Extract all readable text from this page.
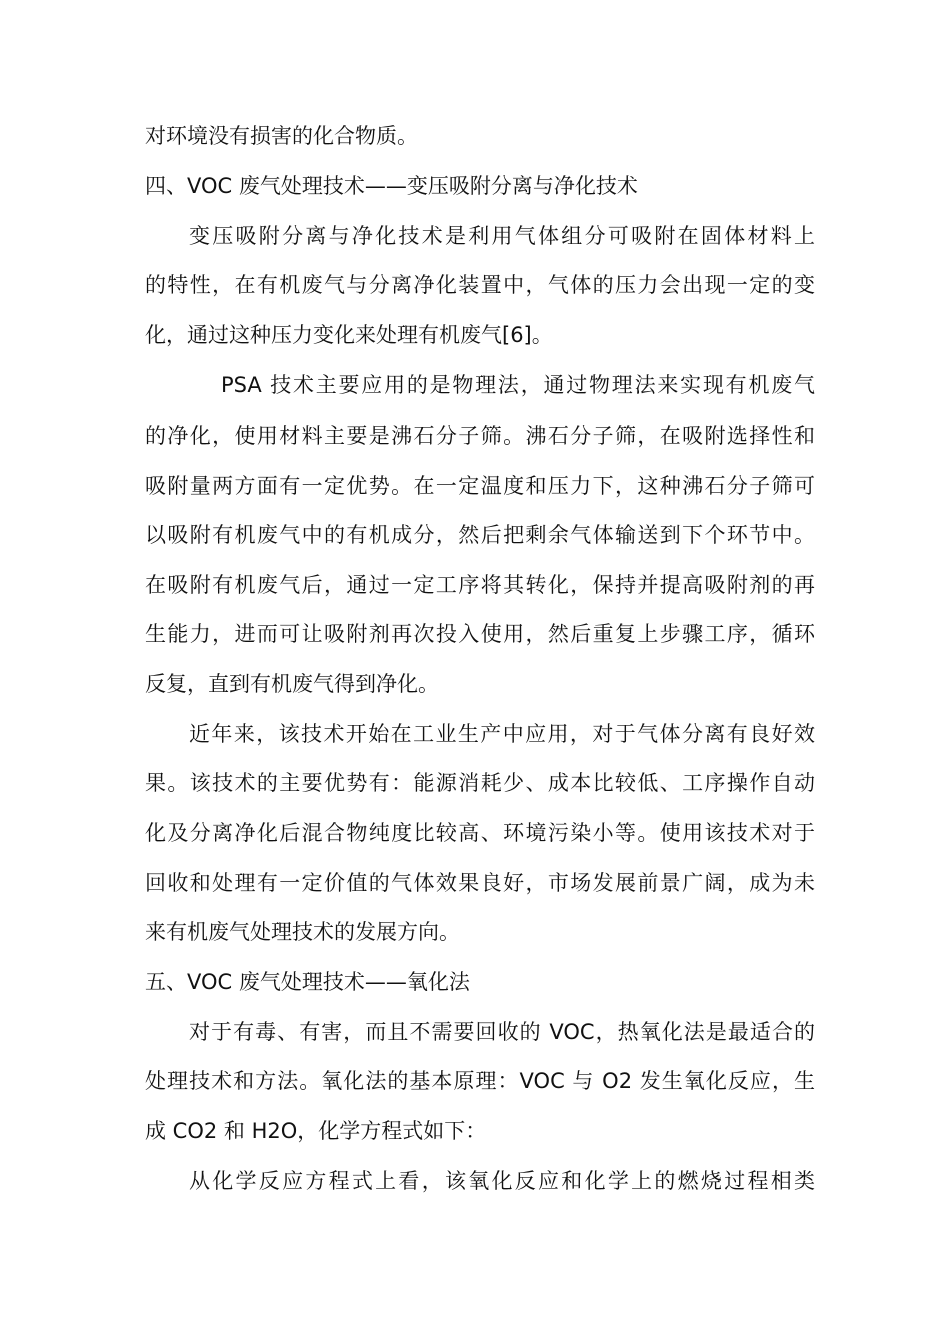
对环境没有损害的化合物质。
四、VOC 废气处理技术——变压吸附分离与净化技术
变压吸附分离与净化技术是利用气体组分可吸附在固体材料上
的特性，在有机废气与分离净化装置中，气体的压力会出现一定的变
化，通过这种压力变化来处理有机废气[6]。
PSA 技术主要应用的是物理法，通过物理法来实现有机废气
的净化，使用材料主要是沸石分子筛。沸石分子筛，在吸附选择性和
吸附量两方面有一定优势。在一定温度和压力下，这种沸石分子筛可
以吸附有机废气中的有机成分，然后把剩余气体输送到下个环节中。
在吸附有机废气后，通过一定工序将其转化，保持并提高吸附剂的再
生能力，进而可让吸附剂再次投入使用，然后重复上步骤工序，循环
反复，直到有机废气得到净化。
近年来，该技术开始在工业生产中应用，对于气体分离有良好效
果。该技术的主要优势有：能源消耗少、成本比较低、工序操作自动
化及分离净化后混合物纯度比较高、环境污染小等。使用该技术对于
回收和处理有一定价值的气体效果良好，市场发展前景广阔，成为未
来有机废气处理技术的发展方向。
五、VOC 废气处理技术——氧化法
对于有毒、有害，而且不需要回收的 VOC，热氧化法是最适合的
处理技术和方法。氧化法的基本原理：VOC 与 O2 发生氧化反应，生
成 CO2 和 H2O，化学方程式如下：
从化学反应方程式上看，该氧化反应和化学上的燃烧过程相类
